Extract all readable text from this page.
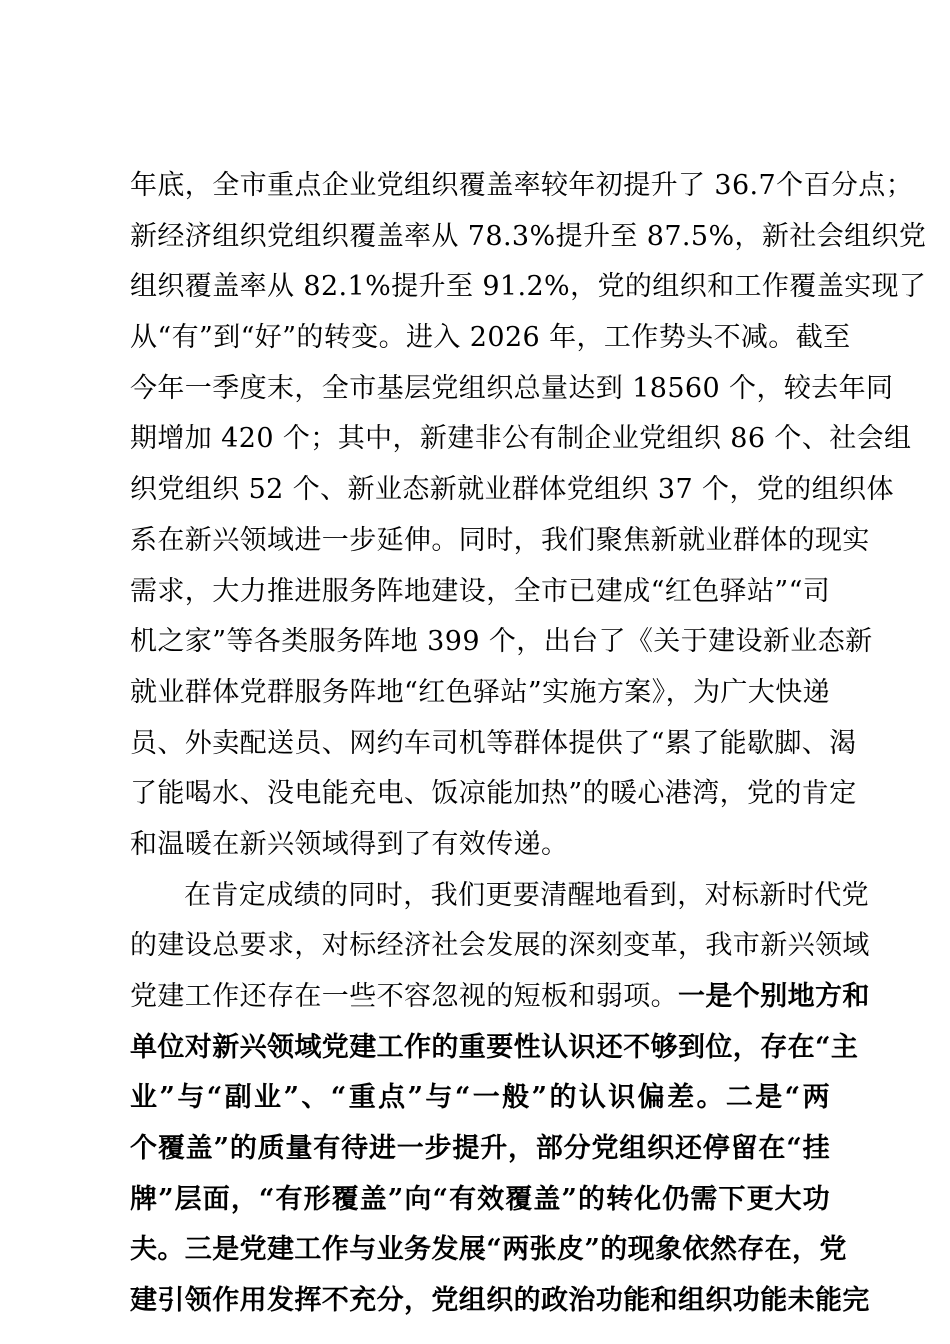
年底，全市重点企业党组织覆盖率较年初提升了 36.7个百分点；
新经济组织党组织覆盖率从 78.3%提升至 87.5%，新社会组织党
组织覆盖率从 82.1%提升至 91.2%，党的组织和工作覆盖实现了
从“有”到“好”的转变。进入 2026 年，工作势头不减。截至
今年一季度末，全市基层党组织总量达到 18560 个，较去年同
期增加 420 个；其中，新建非公有制企业党组织 86 个、社会组
织党组织 52 个、新业态新就业群体党组织 37 个，党的组织体
系在新兴领域进一步延伸。同时，我们聚焦新就业群体的现实
需求，大力推进服务阵地建设，全市已建成“红色驿站”“司
机之家”等各类服务阵地 399 个，出台了《关于建设新业态新
就业群体党群服务阵地“红色驿站”实施方案》，为广大快递
员、外卖配送员、网约车司机等群体提供了“累了能歇脚、渴
了能喝水、没电能充电、饭凉能加热”的暖心港湾，党的肯定
和温暖在新兴领域得到了有效传递。
在肯定成绩的同时，我们更要清醒地看到，对标新时代党
的建设总要求，对标经济社会发展的深刻变革，我市新兴领域
党建工作还存在一些不容忽视的短板和弱项。一是个别地方和
单位对新兴领域党建工作的重要性认识还不够到位，存在“主
业”与“副业”、“重点”与“一般”的认识偏差。二是“两
个覆盖”的质量有待进一步提升，部分党组织还停留在“挂
牌”层面，“有形覆盖”向“有效覆盖”的转化仍需下更大功
夫。三是党建工作与业务发展“两张皮”的现象依然存在，党
建引领作用发挥不充分，党组织的政治功能和组织功能未能完
